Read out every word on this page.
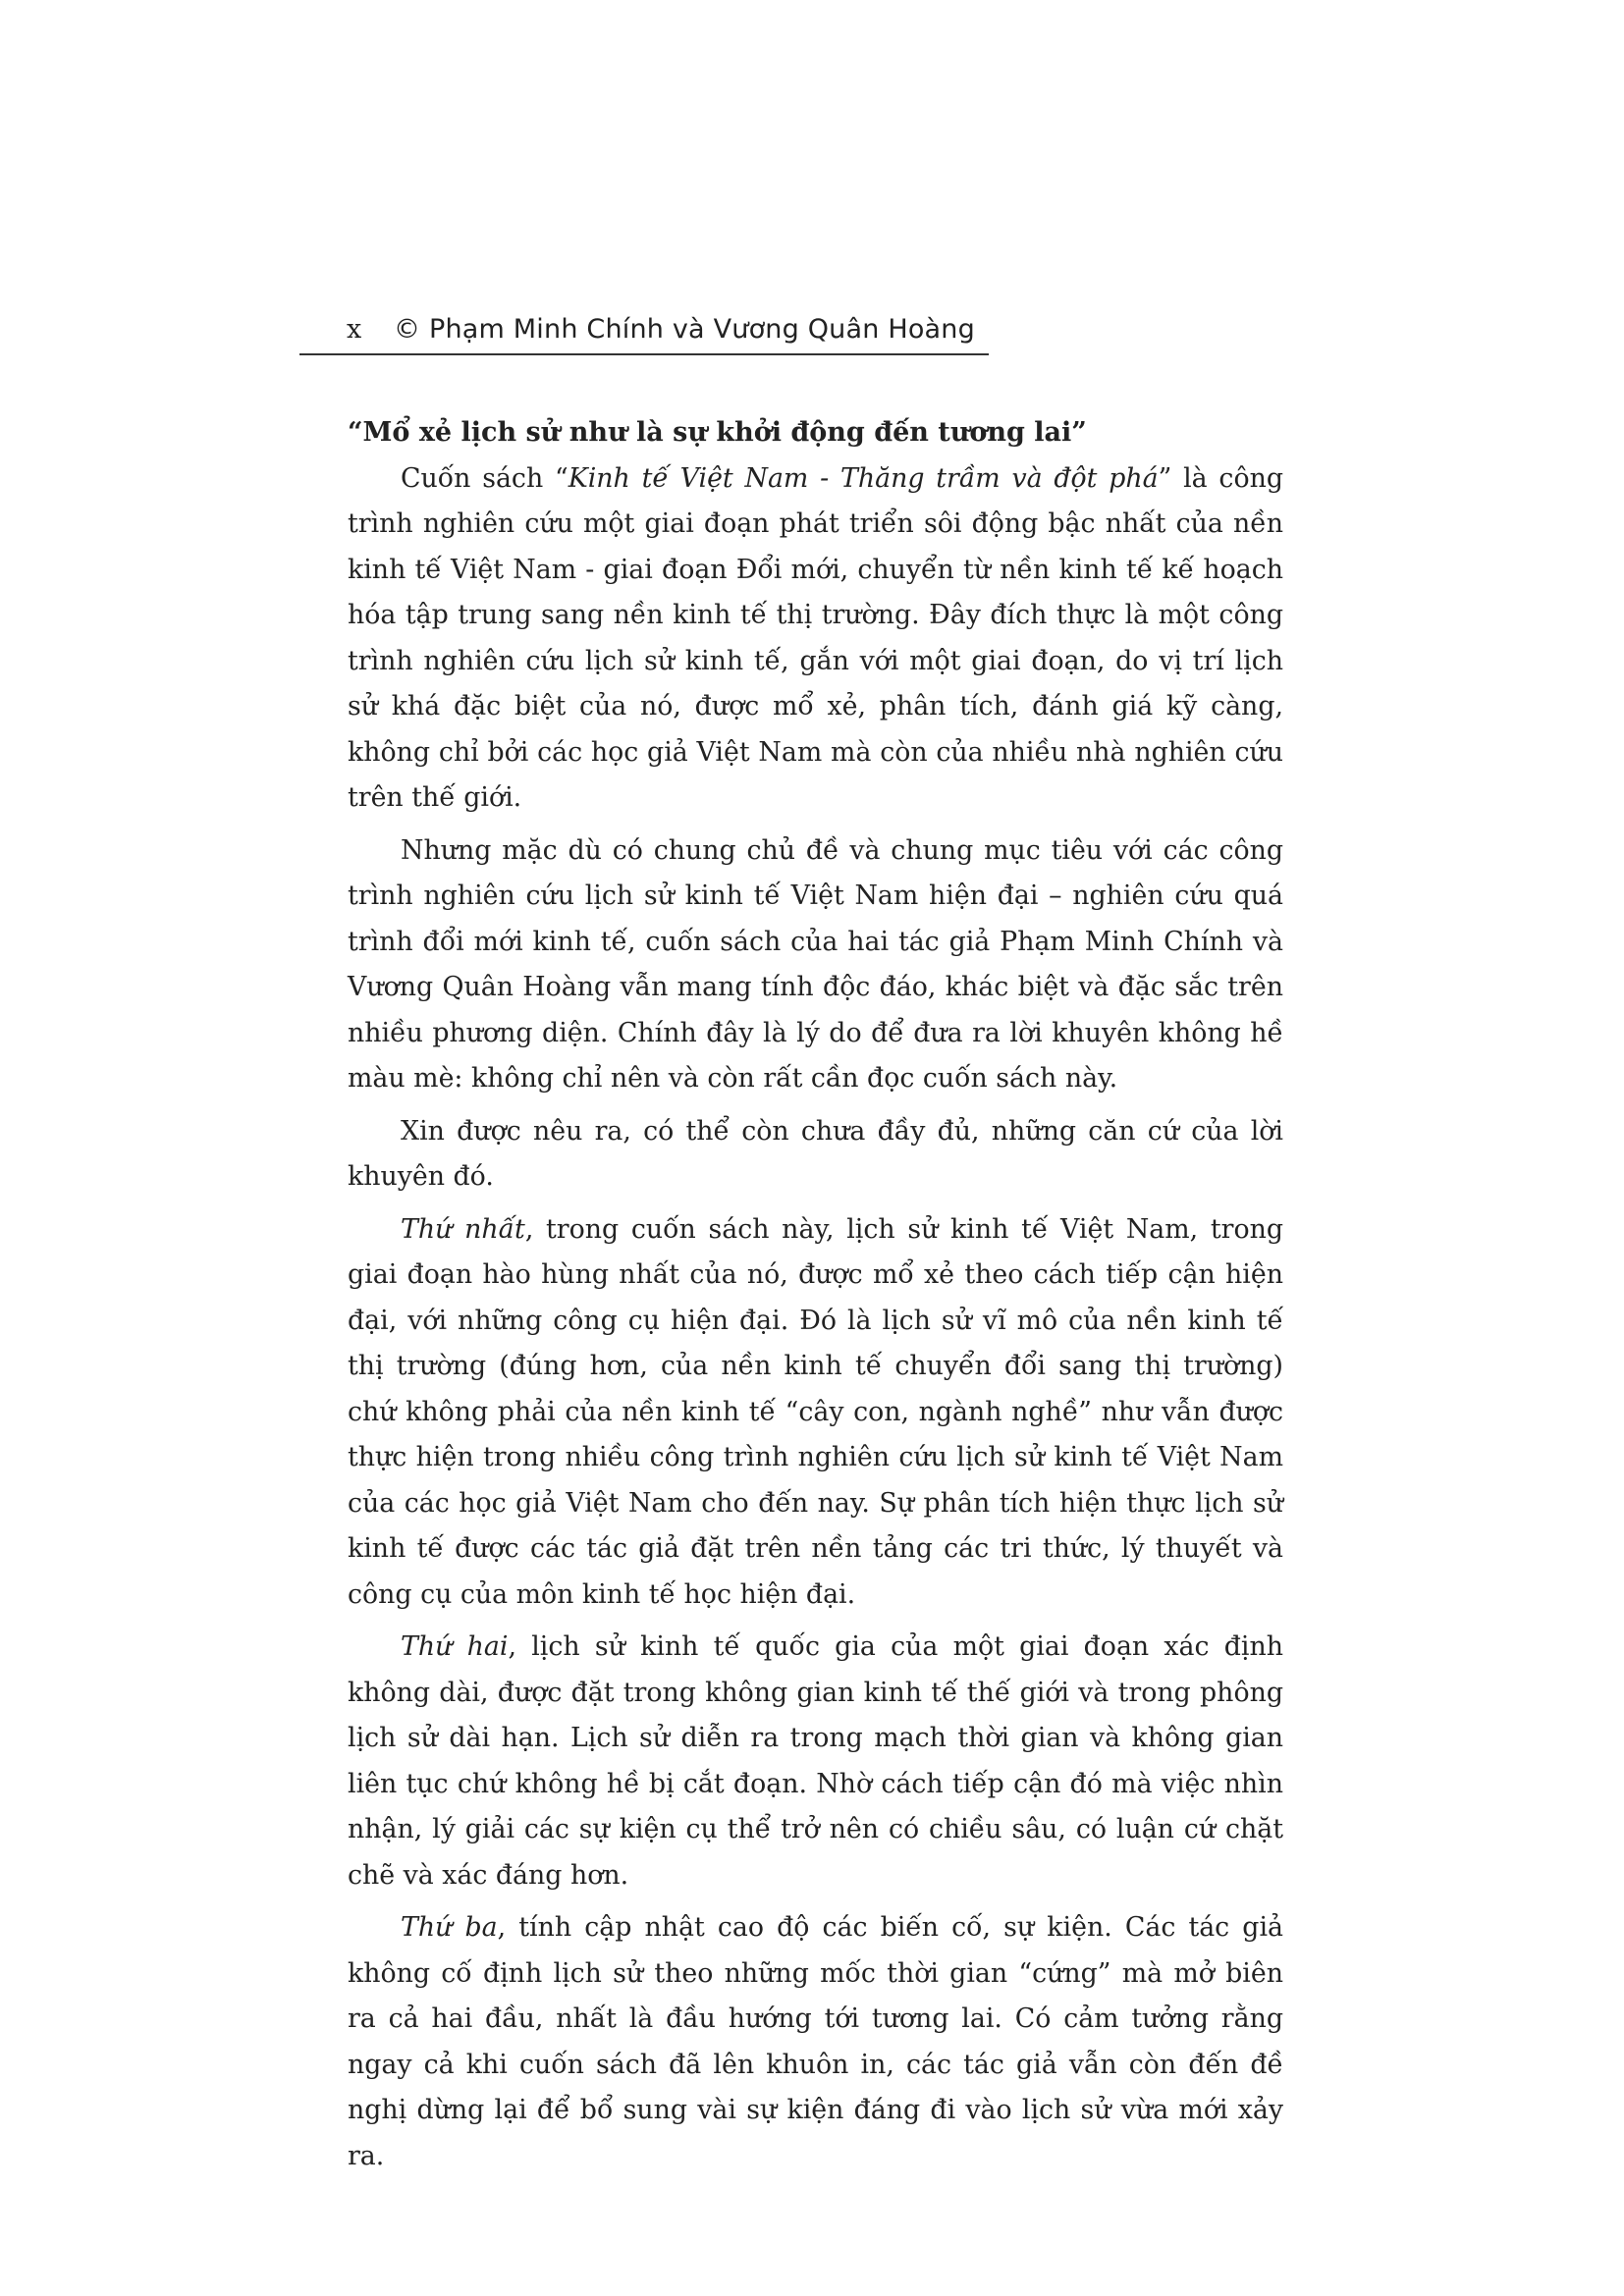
x © Phạm Minh Chính và Vương Quân Hoàng
“Mổ xẻ lịch sử như là sự khởi động đến tương lai”

Cuốn sách “Kinh tế Việt Nam - Thăng trầm và đột phá” là công trình nghiên cứu một giai đoạn phát triển sôi động bậc nhất của nền kinh tế Việt Nam - giai đoạn Đổi mới, chuyển từ nền kinh tế kế hoạch hóa tập trung sang nền kinh tế thị trường. Đây đích thực là một công trình nghiên cứu lịch sử kinh tế, gắn với một giai đoạn, do vị trí lịch sử khá đặc biệt của nó, được mổ xẻ, phân tích, đánh giá kỹ càng, không chỉ bởi các học giả Việt Nam mà còn của nhiều nhà nghiên cứu trên thế giới.

Nhưng mặc dù có chung chủ đề và chung mục tiêu với các công trình nghiên cứu lịch sử kinh tế Việt Nam hiện đại – nghiên cứu quá trình đổi mới kinh tế, cuốn sách của hai tác giả Phạm Minh Chính và Vương Quân Hoàng vẫn mang tính độc đáo, khác biệt và đặc sắc trên nhiều phương diện. Chính đây là lý do để đưa ra lời khuyên không hề màu mè: không chỉ nên và còn rất cần đọc cuốn sách này.

Xin được nêu ra, có thể còn chưa đầy đủ, những căn cứ của lời khuyên đó.

Thứ nhất, trong cuốn sách này, lịch sử kinh tế Việt Nam, trong giai đoạn hào hùng nhất của nó, được mổ xẻ theo cách tiếp cận hiện đại, với những công cụ hiện đại. Đó là lịch sử vĩ mô của nền kinh tế thị trường (đúng hơn, của nền kinh tế chuyển đổi sang thị trường) chứ không phải của nền kinh tế “cây con, ngành nghề” như vẫn được thực hiện trong nhiều công trình nghiên cứu lịch sử kinh tế Việt Nam của các học giả Việt Nam cho đến nay. Sự phân tích hiện thực lịch sử kinh tế được các tác giả đặt trên nền tảng các tri thức, lý thuyết và công cụ của môn kinh tế học hiện đại.

Thứ hai, lịch sử kinh tế quốc gia của một giai đoạn xác định không dài, được đặt trong không gian kinh tế thế giới và trong phông lịch sử dài hạn. Lịch sử diễn ra trong mạch thời gian và không gian liên tục chứ không hề bị cắt đoạn. Nhờ cách tiếp cận đó mà việc nhìn nhận, lý giải các sự kiện cụ thể trở nên có chiều sâu, có luận cứ chặt chẽ và xác đáng hơn.

Thứ ba, tính cập nhật cao độ các biến cố, sự kiện. Các tác giả không cố định lịch sử theo những mốc thời gian “cứng” mà mở biên ra cả hai đầu, nhất là đầu hướng tới tương lai. Có cảm tưởng rằng ngay cả khi cuốn sách đã lên khuôn in, các tác giả vẫn còn đến đề nghị dừng lại để bổ sung vài sự kiện đáng đi vào lịch sử vừa mới xảy ra.
